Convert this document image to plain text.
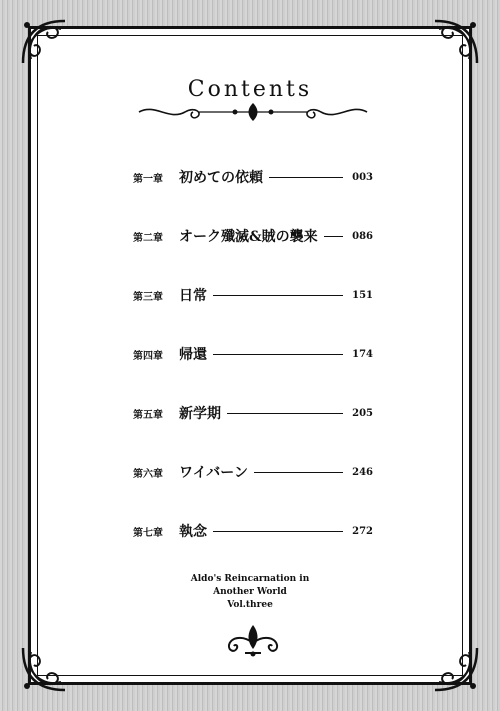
Contents
第一章	初めての依頼	003
第二章	オーク殲滅&賊の襲来	086
第三章	日常	151
第四章	帰還	174
第五章	新学期	205
第六章	ワイバーン	246
第七章	執念	272
Aldo's Reincarnation in
Another World
Vol.three
